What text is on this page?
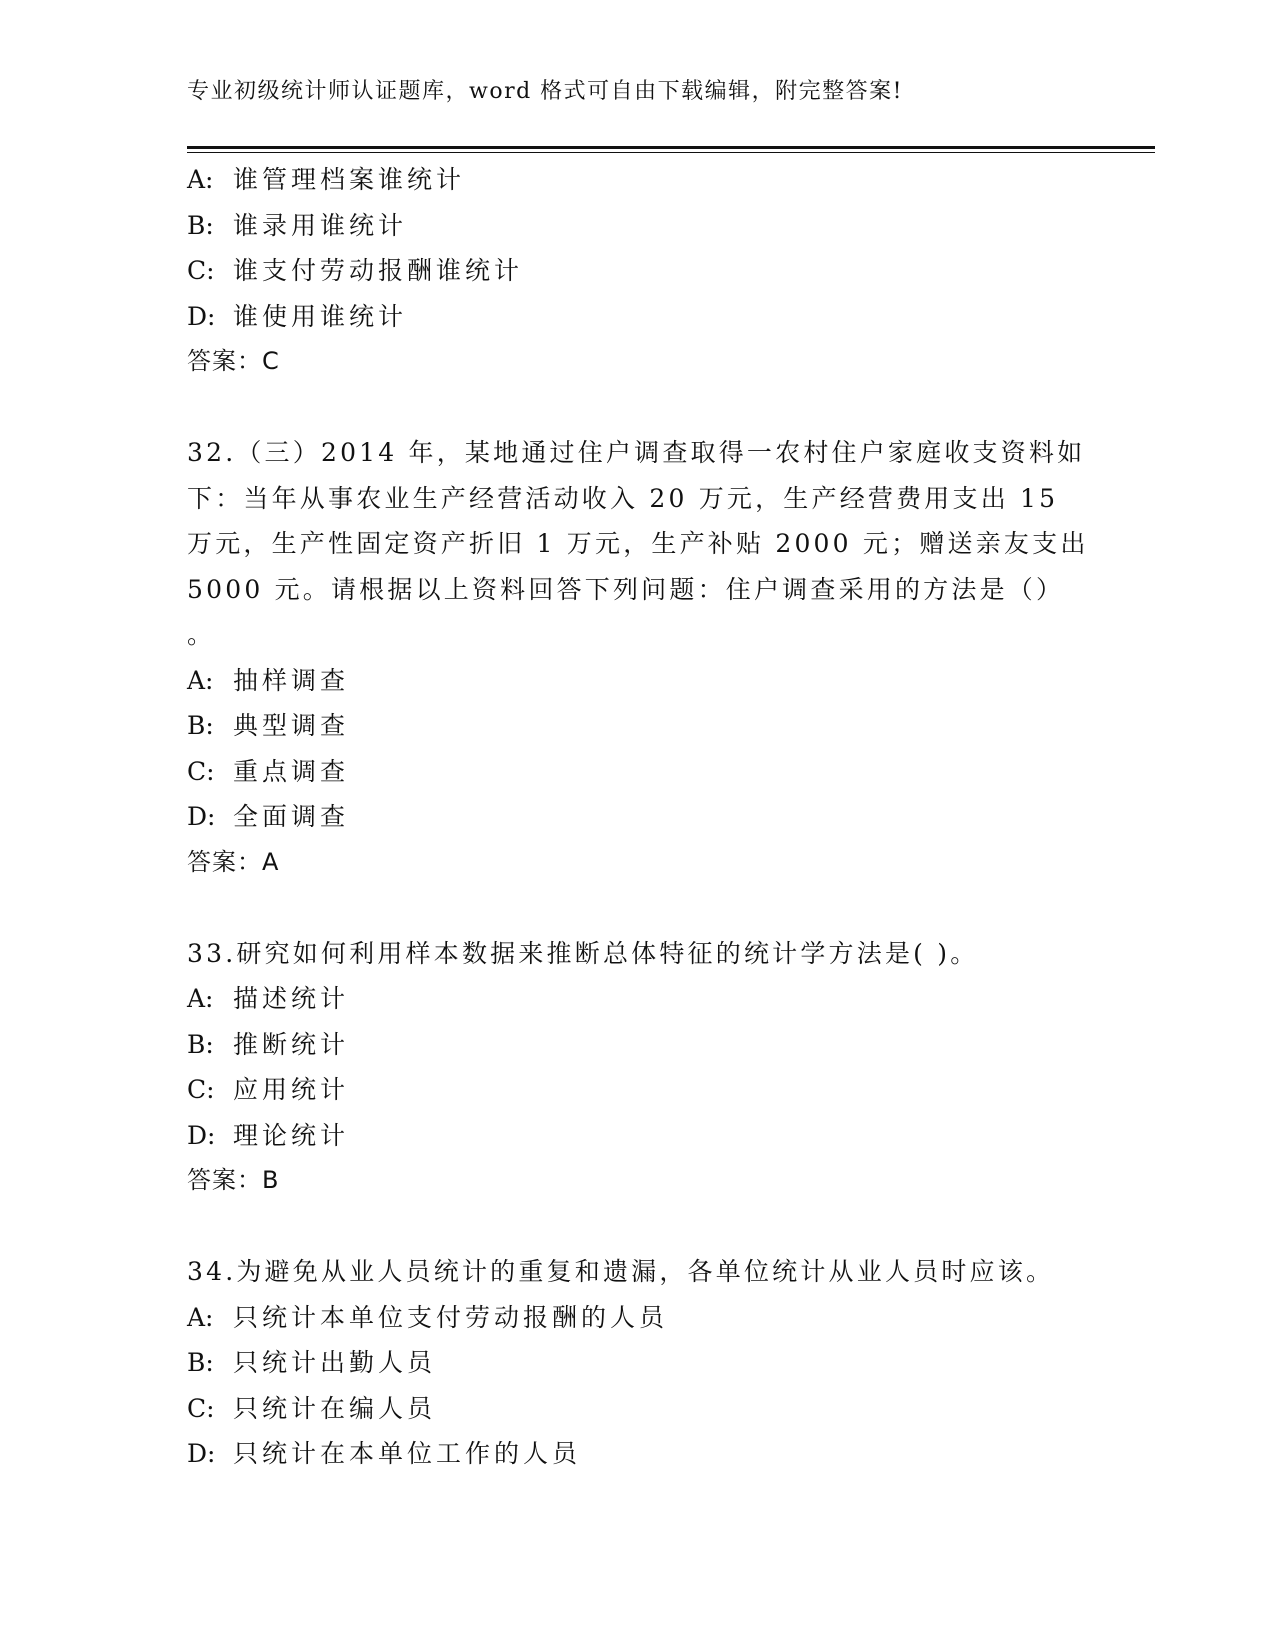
专业初级统计师认证题库，word 格式可自由下载编辑，附完整答案!
A: 谁管理档案谁统计
B: 谁录用谁统计
C: 谁支付劳动报酬谁统计
D: 谁使用谁统计
答案：C
32.（三）2014 年，某地通过住户调查取得一农村住户家庭收支资料如
下：当年从事农业生产经营活动收入 20 万元，生产经营费用支出 15
万元，生产性固定资产折旧 1 万元，生产补贴 2000 元；赠送亲友支出
5000 元。请根据以上资料回答下列问题：住户调查采用的方法是（）
。
A: 抽样调查
B: 典型调查
C: 重点调查
D: 全面调查
答案：A
33.研究如何利用样本数据来推断总体特征的统计学方法是( )。
A: 描述统计
B: 推断统计
C: 应用统计
D: 理论统计
答案：B
34.为避免从业人员统计的重复和遗漏，各单位统计从业人员时应该。
A: 只统计本单位支付劳动报酬的人员
B: 只统计出勤人员
C: 只统计在编人员
D: 只统计在本单位工作的人员
